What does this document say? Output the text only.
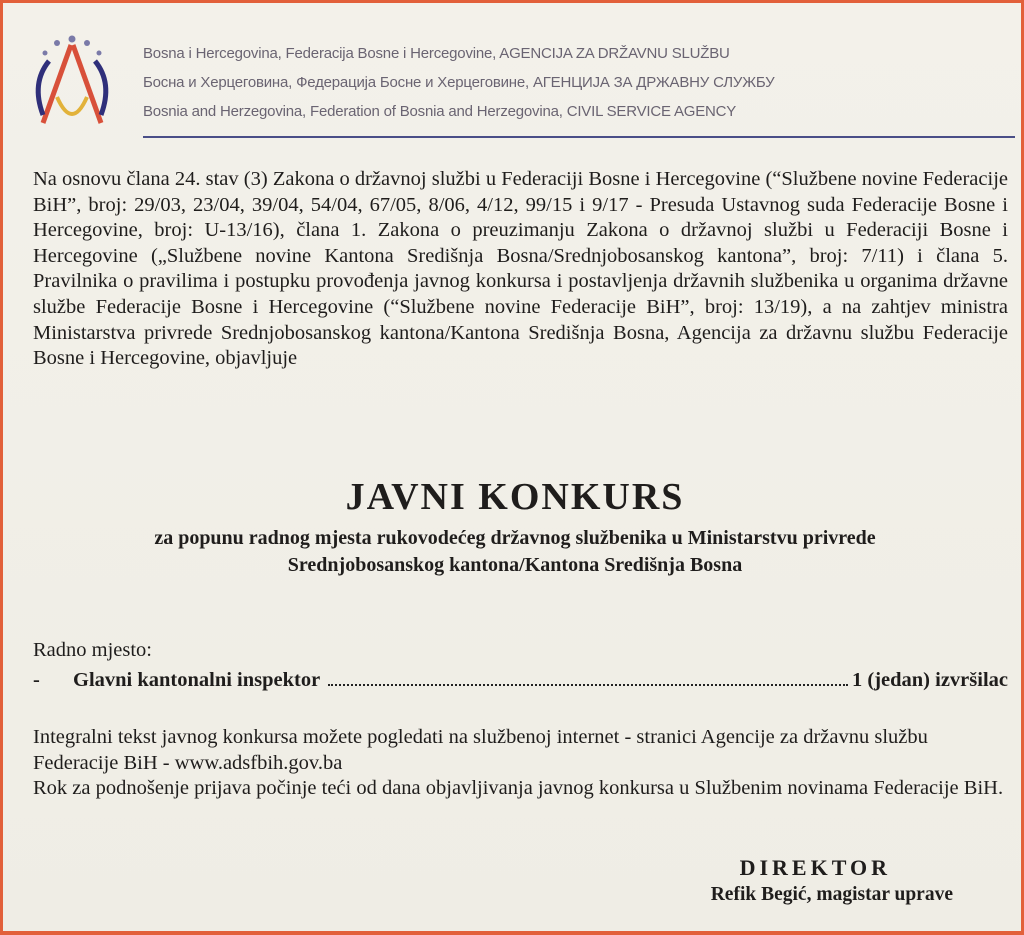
Bosna i Hercegovina, Federacija Bosne i Hercegovine, AGENCIJA ZA DRŽAVNU SLUŽBU
Босна и Херцеговина, Федерација Босне и Херцеговине, АГЕНЦИЈА ЗА ДРЖАВНУ СЛУЖБУ
Bosnia and Herzegovina, Federation of Bosnia and Herzegovina, CIVIL SERVICE AGENCY
Na osnovu člana 24. stav (3) Zakona o državnoj službi u Federaciji Bosne i Hercegovine (“Službene novine Federacije BiH”, broj: 29/03, 23/04, 39/04, 54/04, 67/05, 8/06, 4/12, 99/15 i 9/17 - Presuda Ustavnog suda Federacije Bosne i Hercegovine, broj: U-13/16), člana 1. Zakona o preuzimanju Zakona o državnoj službi u Federaciji Bosne i Hercegovine („Službene novine Kantona Središnja Bosna/Srednjobosanskog kantona”, broj: 7/11) i člana 5. Pravilnika o pravilima i postupku provođenja javnog konkursa i postavljenja državnih službenika u organima državne službe Federacije Bosne i Hercegovine (“Službene novine Federacije BiH”, broj: 13/19), a na zahtjev ministra Ministarstva privrede Srednjobosanskog kantona/Kantona Središnja Bosna, Agencija za državnu službu Federacije Bosne i Hercegovine, objavljuje
JAVNI KONKURS
za popunu radnog mjesta rukovodećeg državnog službenika u Ministarstvu privrede
Srednjobosanskog kantona/Kantona Središnja Bosna
Radno mjesto:
-	Glavni kantonalni inspektor	1 (jedan) izvršilac
Integralni tekst javnog konkursa možete pogledati na službenoj internet - stranici Agencije za državnu službu Federacije BiH - www.adsfbih.gov.ba
Rok za podnošenje prijava počinje teći od dana objavljivanja javnog konkursa u Službenim novinama Federacije BiH.
DIREKTOR
Refik Begić, magistar uprave
